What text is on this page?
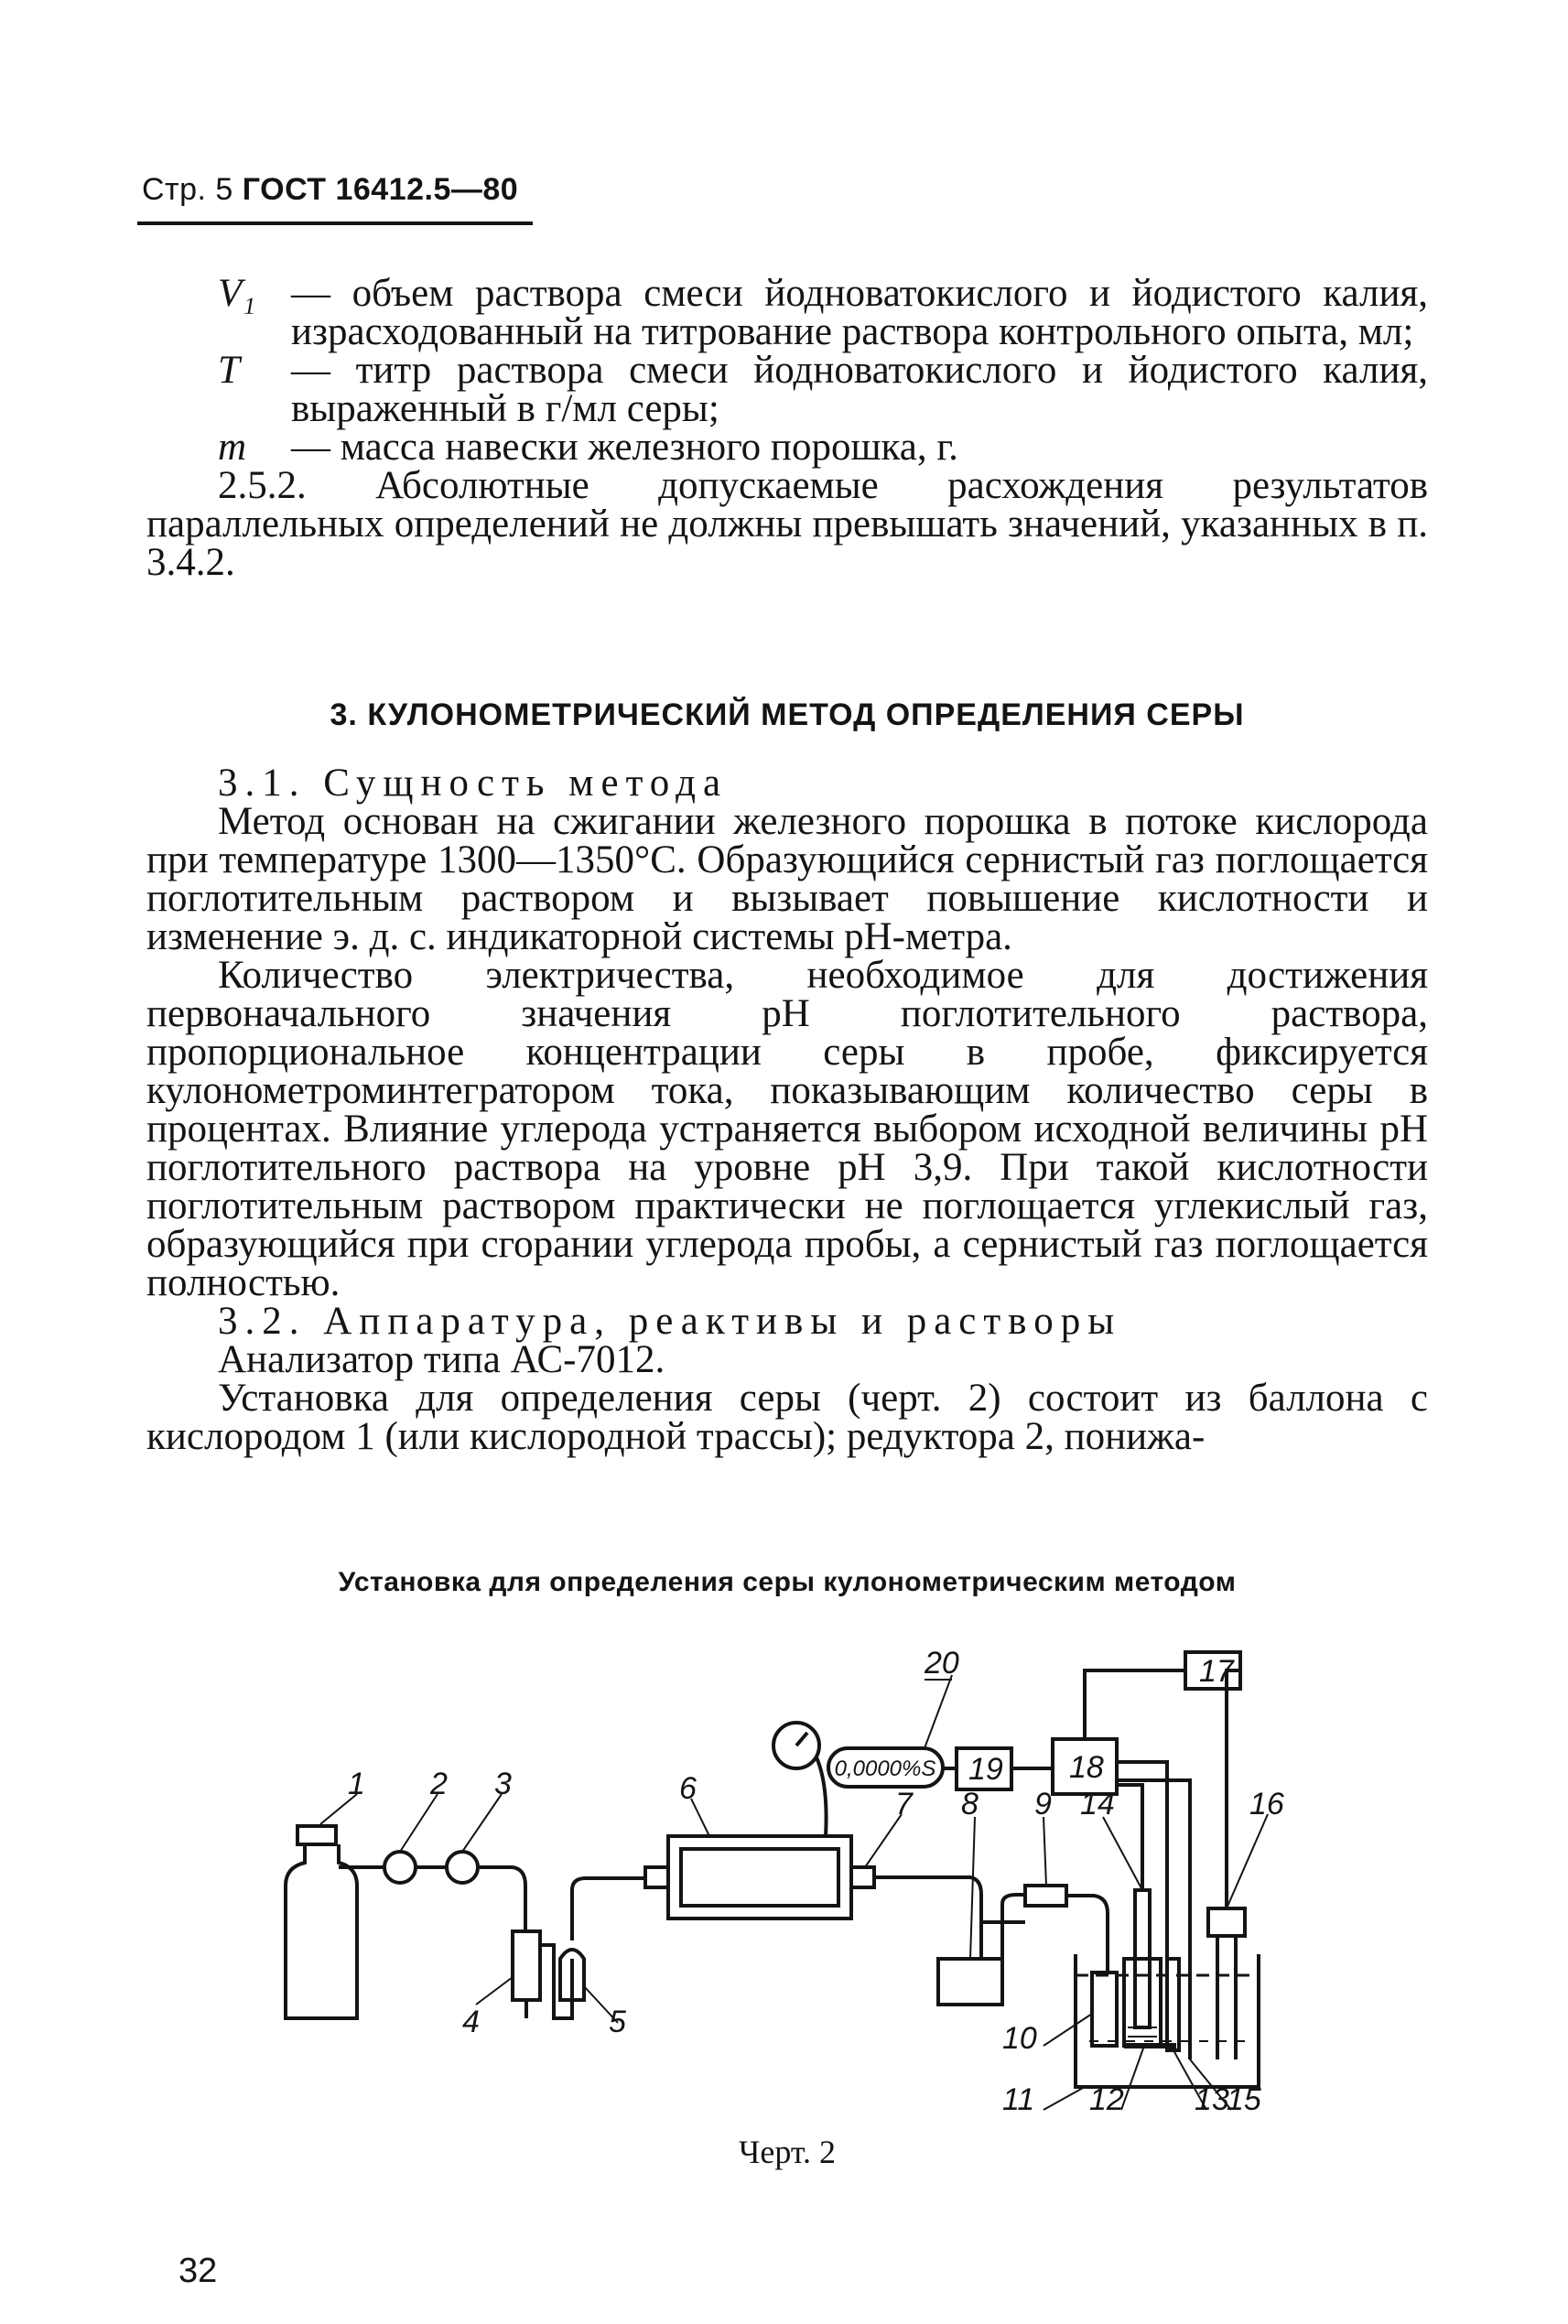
Стр. 5 ГОСТ 16412.5—80
V₁ — объем раствора смеси йодноватокислого и йодистого калия, израсходованный на титрование раствора контрольного опыта, мл;
T	— титр раствора смеси йодноватокислого и йодистого калия, выраженный в г/мл серы;
m	— масса навески железного порошка, г.

2.5.2. Абсолютные допускаемые расхождения результатов параллельных определений не должны превышать значений, указанных в п. 3.4.2.

3. КУЛОНОМЕТРИЧЕСКИЙ МЕТОД ОПРЕДЕЛЕНИЯ СЕРЫ

3.1. Сущность метода

Метод основан на сжигании железного порошка в потоке кислорода при температуре 1300—1350°С. Образующийся сернистый газ поглощается поглотительным раствором и вызывает повышение кислотности и изменение э. д. с. индикаторной системы рН-метра.

Количество электричества, необходимое для достижения первоначального значения рН поглотительного раствора, пропорциональное концентрации серы в пробе, фиксируется кулонометроминтегратором тока, показывающим количество серы в процентах. Влияние углерода устраняется выбором исходной величины рН поглотительного раствора на уровне рН 3,9. При такой кислотности поглотительным раствором практически не поглощается углекислый газ, образующийся при сгорании углерода пробы, а сернистый газ поглощается полностью.

3.2. Аппаратура, реактивы и растворы

Анализатор типа АС-7012.

Установка для определения серы (черт. 2) состоит из баллона с кислородом 1 (или кислородной трассы); редуктора 2, понижа-

Установка для определения серы кулонометрическим методом
0,0000%S
1 2 3
4	5
6	7 8 9
10
11 12 13
14
15
16
17
18
19
20
Черт. 2
32
